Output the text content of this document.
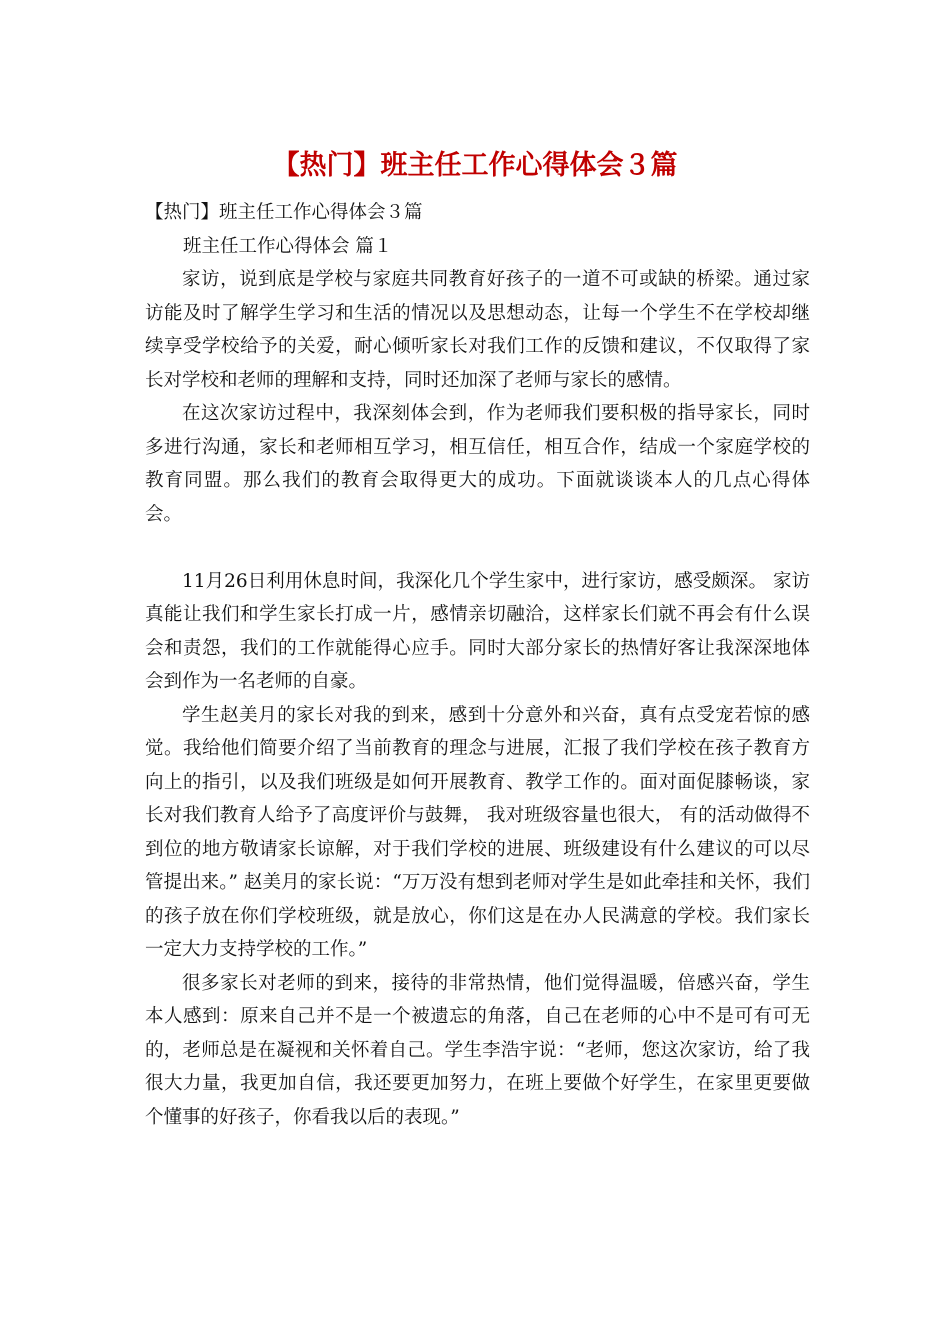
【热门】班主任工作心得体会３篇

【热门】班主任工作心得体会３篇

班主任工作心得体会 篇１

家访，说到底是学校与家庭共同教育好孩子的一道不可或缺的桥梁。通过家访能及时了解学生学习和生活的情况以及思想动态，让每一个学生不在学校却继续享受学校给予的关爱，耐心倾听家长对我们工作的反馈和建议，不仅取得了家长对学校和老师的理解和支持，同时还加深了老师与家长的感情。

在这次家访过程中，我深刻体会到，作为老师我们要积极的指导家长，同时多进行沟通，家长和老师相互学习，相互信任，相互合作，结成一个家庭学校的教育同盟。那么我们的教育会取得更大的成功。下面就谈谈本人的几点心得体会。

11月26日利用休息时间，我深化几个学生家中，进行家访，感受颇深。 家访真能让我们和学生家长打成一片，感情亲切融洽，这样家长们就不再会有什么误会和责怨，我们的工作就能得心应手。同时大部分家长的热情好客让我深深地体会到作为一名老师的自豪。

学生赵美月的家长对我的到来，感到十分意外和兴奋，真有点受宠若惊的感觉。我给他们简要介绍了当前教育的理念与进展，汇报了我们学校在孩子教育方向上的指引，以及我们班级是如何开展教育、教学工作的。面对面促膝畅谈，家长对我们教育人给予了高度评价与鼓舞， 我对班级容量也很大， 有的活动做得不到位的地方敬请家长谅解，对于我们学校的进展、班级建设有什么建议的可以尽管提出来。” 赵美月的家长说：“万万没有想到老师对学生是如此牵挂和关怀，我们的孩子放在你们学校班级，就是放心，你们这是在办人民满意的学校。我们家长一定大力支持学校的工作。”

很多家长对老师的到来，接待的非常热情，他们觉得温暖，倍感兴奋，学生本人感到：原来自己并不是一个被遗忘的角落，自己在老师的心中不是可有可无的，老师总是在凝视和关怀着自己。学生李浩宇说：“老师，您这次家访，给了我很大力量，我更加自信，我还要更加努力，在班上要做个好学生，在家里更要做个懂事的好孩子，你看我以后的表现。”
